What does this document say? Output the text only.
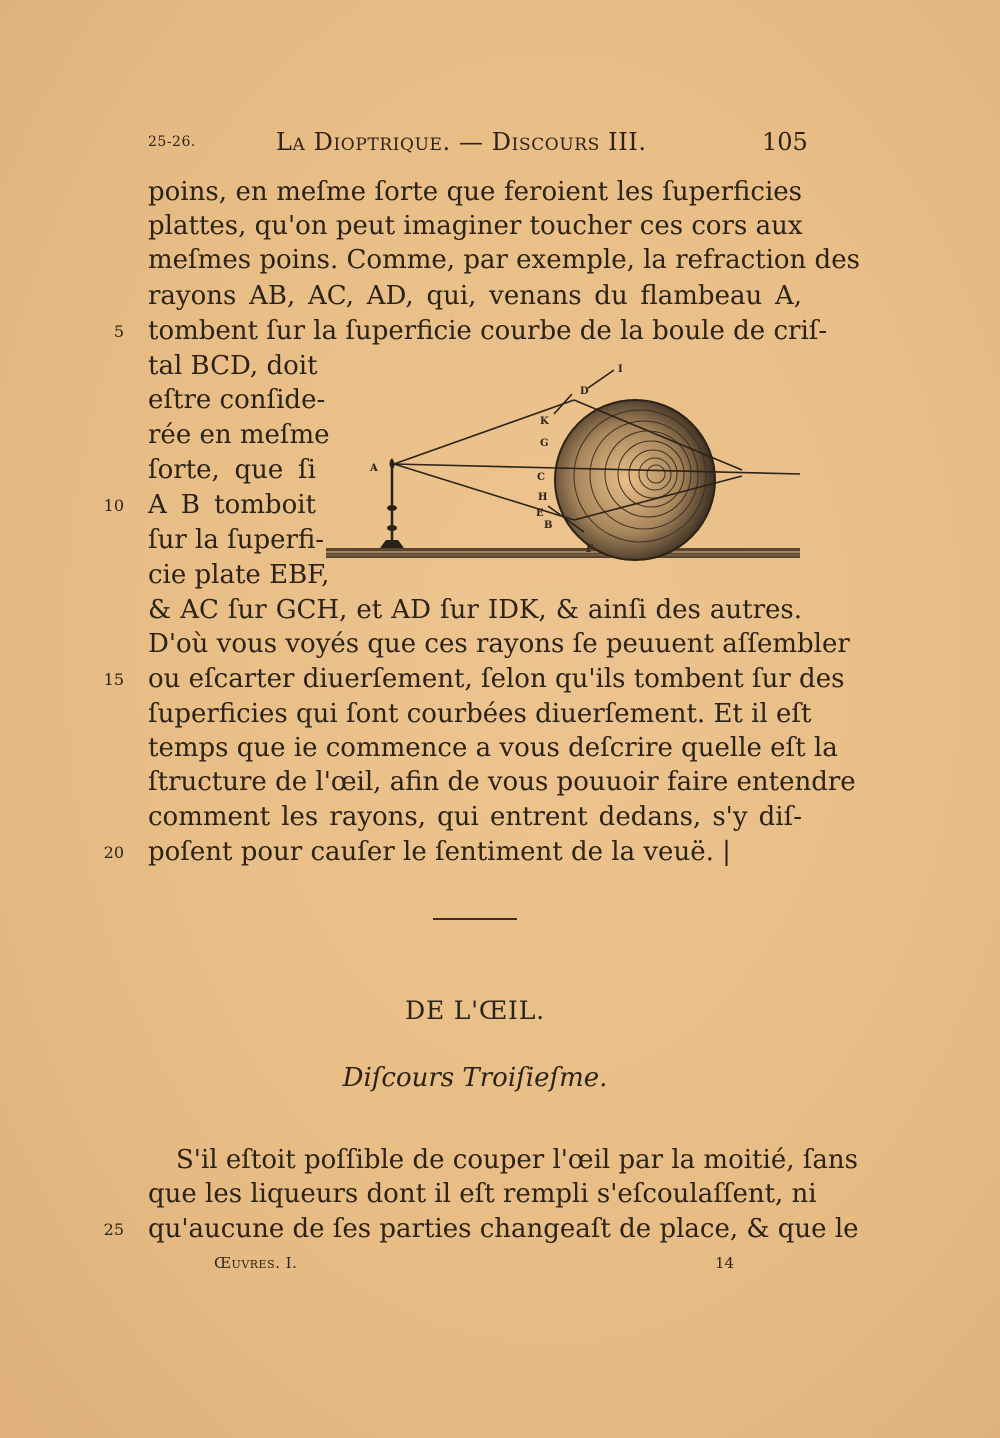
25-26.	La Dioptrique. — Discours III.	105
poins, en meſme ſorte que feroient les ſuperficies
plattes, qu'on peut imaginer toucher ces cors aux
meſmes poins. Comme, par exemple, la refraction des
rayons AB, AC, AD, qui, venans du flambeau A,
5 tombent ſur la ſuperficie courbe de la boule de criſ-
tal BCD, doit
eſtre conſide-
rée en meſme
ſorte, que ſi
10 A B tomboit
ſur la ſuperfi-
cie plate EBF,
& AC ſur GCH, et AD ſur IDK, & ainſi des autres.
D'où vous voyés que ces rayons ſe peuuent aſſembler
15 ou eſcarter diuerſement, ſelon qu'ils tombent ſur des
ſuperficies qui ſont courbées diuerſement. Et il eſt
temps que ie commence a vous deſcrire quelle eſt la
ſtructure de l'œil, afin de vous pouuoir faire entendre
comment les rayons, qui entrent dedans, s'y diſ-
20 poſent pour cauſer le ſentiment de la veuë. |
A
B
C
D
E
F
G
H
I
K
DE L'ŒIL.
Diſcours Troiſieſme.
S'il eſtoit poſſible de couper l'œil par la moitié, ſans
que les liqueurs dont il eſt rempli s'eſcoulaſſent, ni
25 qu'aucune de ſes parties changeaſt de place, & que le
Œuvres. I.	14
